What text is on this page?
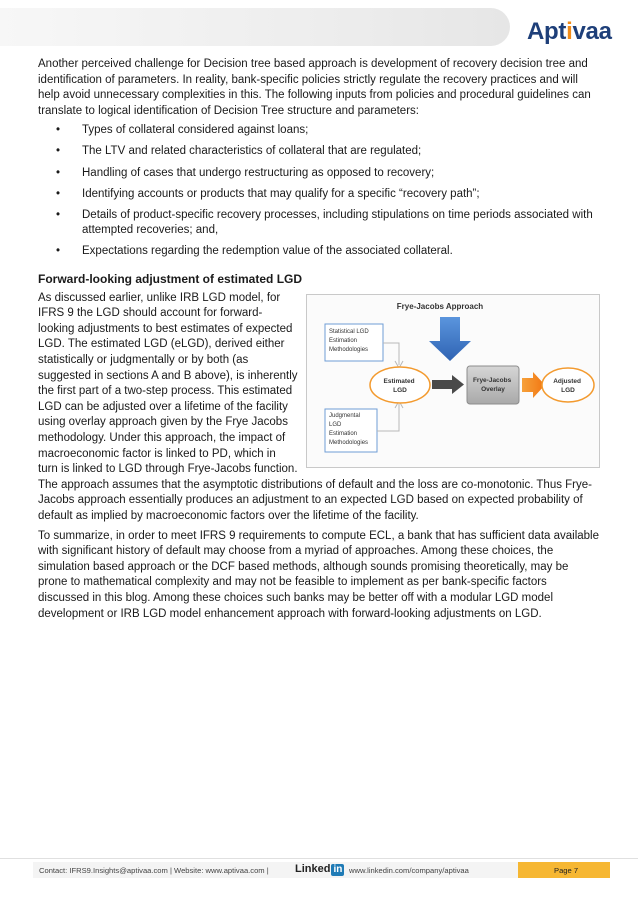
Aptivaa

Another perceived challenge for Decision tree based approach is development of recovery decision tree and identification of parameters. In reality, bank-specific policies strictly regulate the recovery practices and will help avoid unnecessary complexities in this. The following inputs from policies and procedural guidelines can translate to logical identification of Decision Tree structure and parameters:

• Types of collateral considered against loans;
• The LTV and related characteristics of collateral that are regulated;
• Handling of cases that undergo restructuring as opposed to recovery;
• Identifying accounts or products that may qualify for a specific “recovery path”;
• Details of product-specific recovery processes, including stipulations on time periods associated with attempted recoveries; and,
• Expectations regarding the redemption value of the associated collateral.
Forward-looking adjustment of estimated LGD
Frye-Jacobs Approach
Statistical LGD Estimation Methodologies
Judgmental LGD Estimation Methodologies
Estimated LGD
Frye-Jacobs Overlay
Adjusted LGD

As discussed earlier, unlike IRB LGD model, for IFRS 9 the LGD should account for forward-looking adjustments to best estimates of expected LGD. The estimated LGD (eLGD), derived either statistically or judgmentally or by both (as suggested in sections A and B above), is inherently the first part of a two-step process. This estimated LGD can be adjusted over a lifetime of the facility using overlay approach given by the Frye Jacobs methodology. Under this approach, the impact of macroeconomic factor is linked to PD, which in turn is linked to LGD through Frye-Jacobs function. The approach assumes that the asymptotic distributions of default and the loss are co-monotonic. Thus Frye-Jacobs approach essentially produces an adjustment to an expected LGD based on expected probability of default as implied by macroeconomic factors over the lifetime of the facility.

To summarize, in order to meet IFRS 9 requirements to compute ECL, a bank that has sufficient data available with significant history of default may choose from a myriad of approaches. Among these choices, the simulation based approach or the DCF based methods, although sounds promising theoretically, may be prone to mathematical complexity and may not be feasible to implement as per bank-specific factors discussed in this blog. Among these choices such banks may be better off with a modular LGD model development or IRB LGD model enhancement approach with forward-looking adjustments on LGD.

Contact: IFRS9.Insights@aptivaa.com | Website: www.aptivaa.com | Linked in www.linkedin.com/company/aptivaa	Page 7
